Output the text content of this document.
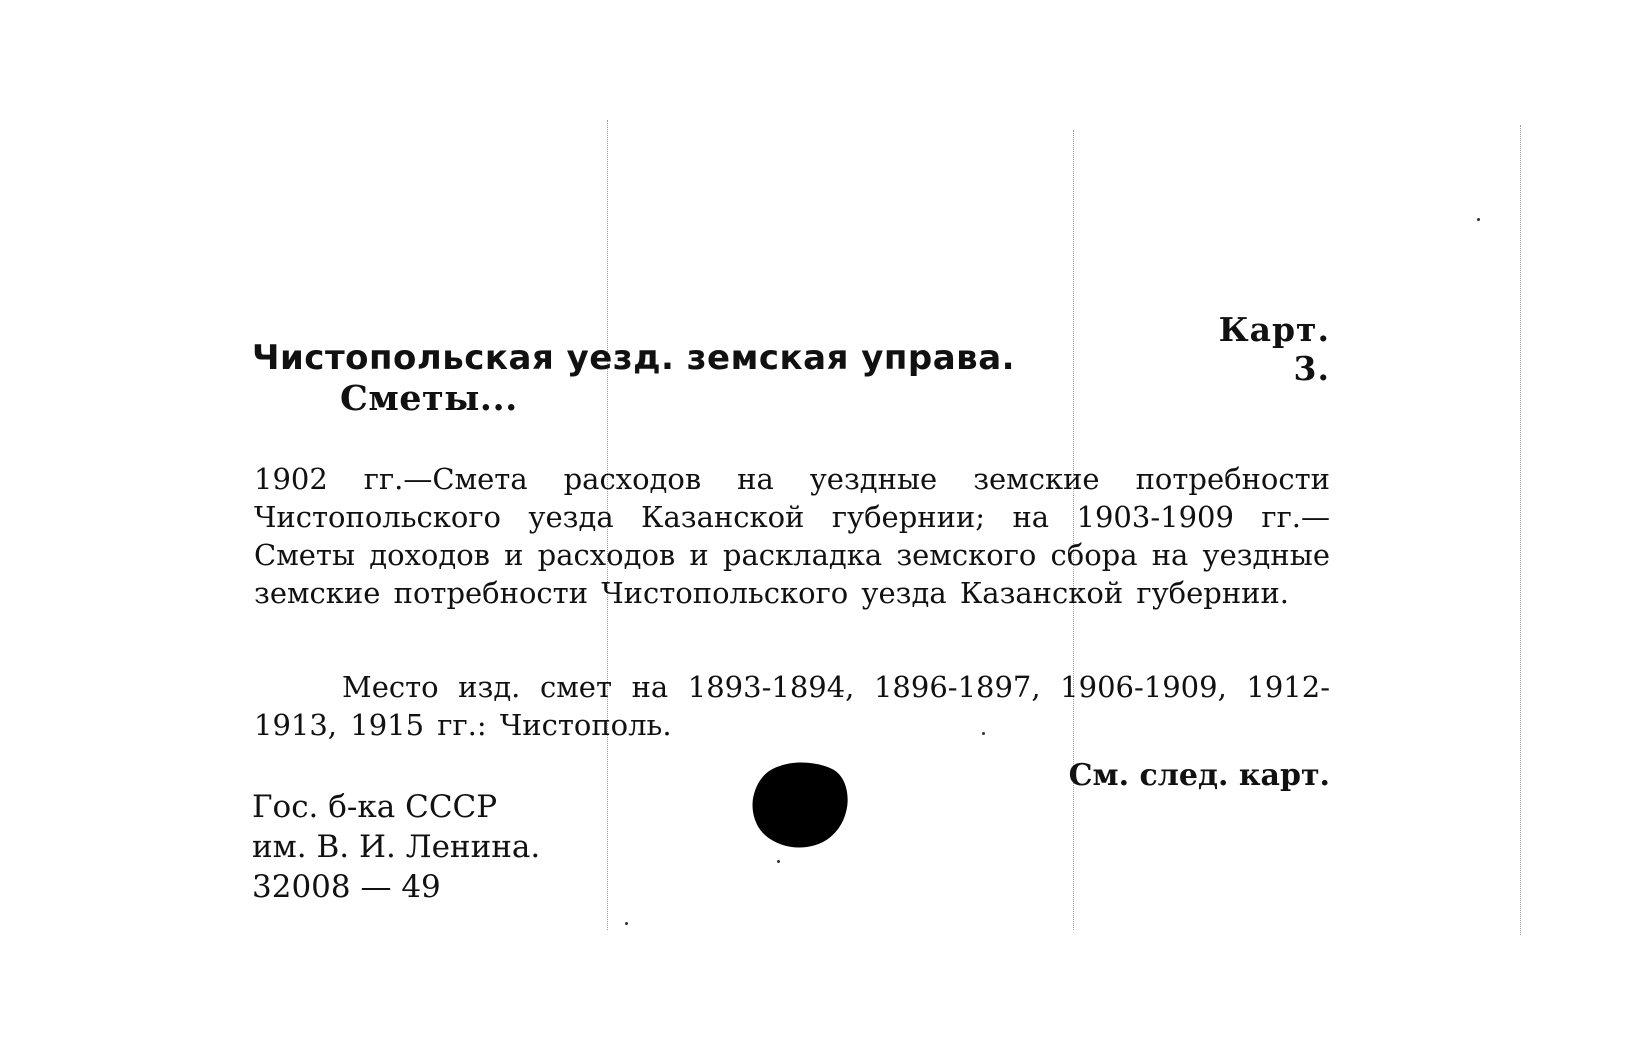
Карт. 3.
Чистопольская уезд. земская управа.
Сметы...
1902 гг.—Смета расходов на уездные земские потребности Чистопольского уезда Казанской губернии; на 1903-1909 гг.— Сметы доходов и расходов и раскладка земского сбора на уездные земские потребности Чистопольского уезда Казанской губернии.
Место изд. смет на 1893-1894, 1896-1897, 1906-1909, 1912-1913, 1915 гг.: Чистополь.
См. след. карт.
Гос. б-ка СССР
им. В. И. Ленина.
32008 — 49
